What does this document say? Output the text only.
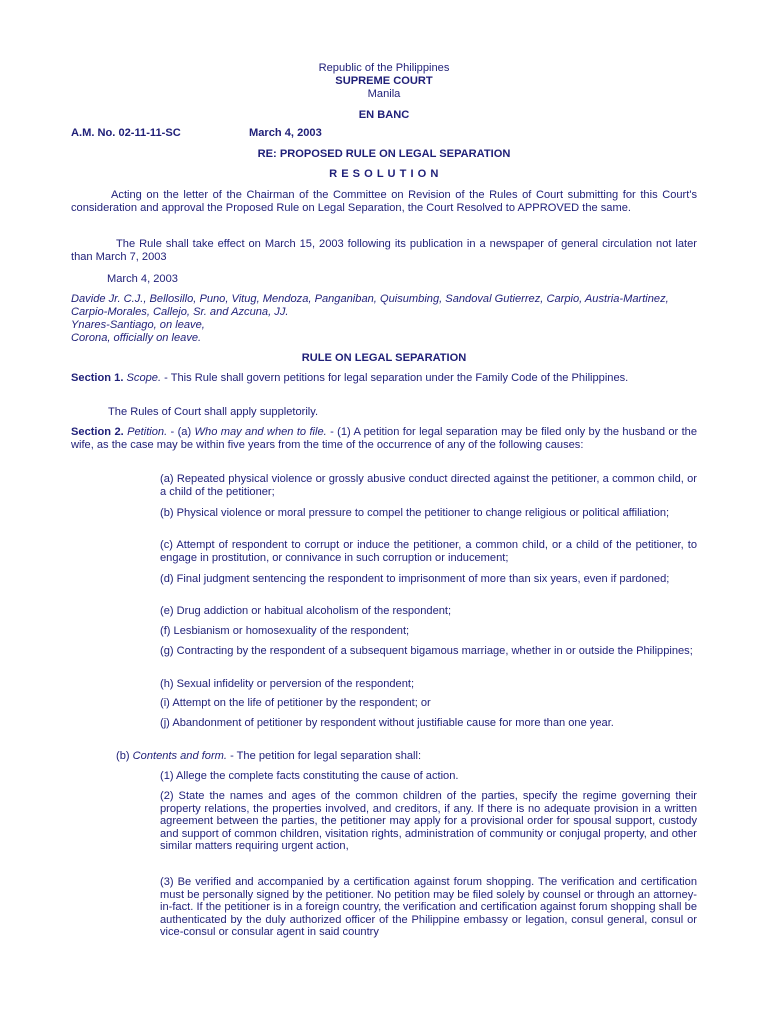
Republic of the Philippines
SUPREME COURT
Manila
EN BANC
A.M. No. 02-11-11-SC	March 4, 2003
RE: PROPOSED RULE ON LEGAL SEPARATION
R E S O L U T I O N
Acting on the letter of the Chairman of the Committee on Revision of the Rules of Court submitting for this Court's consideration and approval the Proposed Rule on Legal Separation, the Court Resolved to APPROVED the same.
The Rule shall take effect on March 15, 2003 following its publication in a newspaper of general circulation not later than March 7, 2003
March 4, 2003
Davide Jr. C.J., Bellosillo, Puno, Vitug, Mendoza, Panganiban, Quisumbing, Sandoval Gutierrez, Carpio, Austria-Martinez, Carpio-Morales, Callejo, Sr. and Azcuna, JJ.
Ynares-Santiago, on leave,
Corona, officially on leave.
RULE ON LEGAL SEPARATION
Section 1. Scope. - This Rule shall govern petitions for legal separation under the Family Code of the Philippines.
The Rules of Court shall apply suppletorily.
Section 2. Petition. - (a) Who may and when to file. - (1) A petition for legal separation may be filed only by the husband or the wife, as the case may be within five years from the time of the occurrence of any of the following causes:
(a) Repeated physical violence or grossly abusive conduct directed against the petitioner, a common child, or a child of the petitioner;
(b) Physical violence or moral pressure to compel the petitioner to change religious or political affiliation;
(c) Attempt of respondent to corrupt or induce the petitioner, a common child, or a child of the petitioner, to engage in prostitution, or connivance in such corruption or inducement;
(d) Final judgment sentencing the respondent to imprisonment of more than six years, even if pardoned;
(e) Drug addiction or habitual alcoholism of the respondent;
(f) Lesbianism or homosexuality of the respondent;
(g) Contracting by the respondent of a subsequent bigamous marriage, whether in or outside the Philippines;
(h) Sexual infidelity or perversion of the respondent;
(i) Attempt on the life of petitioner by the respondent; or
(j) Abandonment of petitioner by respondent without justifiable cause for more than one year.
(b) Contents and form. - The petition for legal separation shall:
(1) Allege the complete facts constituting the cause of action.
(2) State the names and ages of the common children of the parties, specify the regime governing their property relations, the properties involved, and creditors, if any. If there is no adequate provision in a written agreement between the parties, the petitioner may apply for a provisional order for spousal support, custody and support of common children, visitation rights, administration of community or conjugal property, and other similar matters requiring urgent action,
(3) Be verified and accompanied by a certification against forum shopping. The verification and certification must be personally signed by the petitioner. No petition may be filed solely by counsel or through an attorney-in-fact. If the petitioner is in a foreign country, the verification and certification against forum shopping shall be authenticated by the duly authorized officer of the Philippine embassy or legation, consul general, consul or vice-consul or consular agent in said country
